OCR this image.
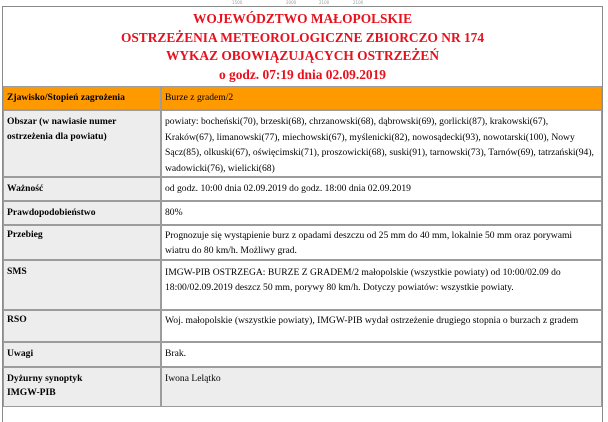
1500	2000	2100	2100
WOJEWÓDZTWO MAŁOPOLSKIE
OSTRZEŻENIA METEOROLOGICZNE ZBIORCZO NR 174
WYKAZ OBOWIĄZUJĄCYCH OSTRZEŻEŃ
o godz. 07:19 dnia 02.09.2019
Zjawisko/Stopień zagrożenia	Burze z gradem/2
Obszar (w nawiasie numer ostrzeżenia dla powiatu)	powiaty: bocheński(70), brzeski(68), chrzanowski(68), dąbrowski(69), gorlicki(87), krakowski(67), Kraków(67), limanowski(77), miechowski(67), myślenicki(82), nowosądecki(93), nowotarski(100), Nowy Sącz(85), olkuski(67), oświęcimski(71), proszowicki(68), suski(91), tarnowski(73), Tarnów(69), tatrzański(94), wadowicki(76), wielicki(68)
Ważność	od godz. 10:00 dnia 02.09.2019 do godz. 18:00 dnia 02.09.2019
Prawdopodobieństwo	80%
Przebieg	Prognozuje się wystąpienie burz z opadami deszczu od 25 mm do 40 mm, lokalnie 50 mm oraz porywami wiatru do 80 km/h. Możliwy grad.
SMS	IMGW-PIB OSTRZEGA: BURZE Z GRADEM/2 małopolskie (wszystkie powiaty) od 10:00/02.09 do 18:00/02.09.2019 deszcz 50 mm, porywy 80 km/h. Dotyczy powiatów: wszystkie powiaty.
RSO	Woj. małopolskie (wszystkie powiaty), IMGW-PIB wydał ostrzeżenie drugiego stopnia o burzach z gradem
Uwagi	Brak.

Dyżurny synoptyk
IMGW-PIB	Iwona Lelątko
